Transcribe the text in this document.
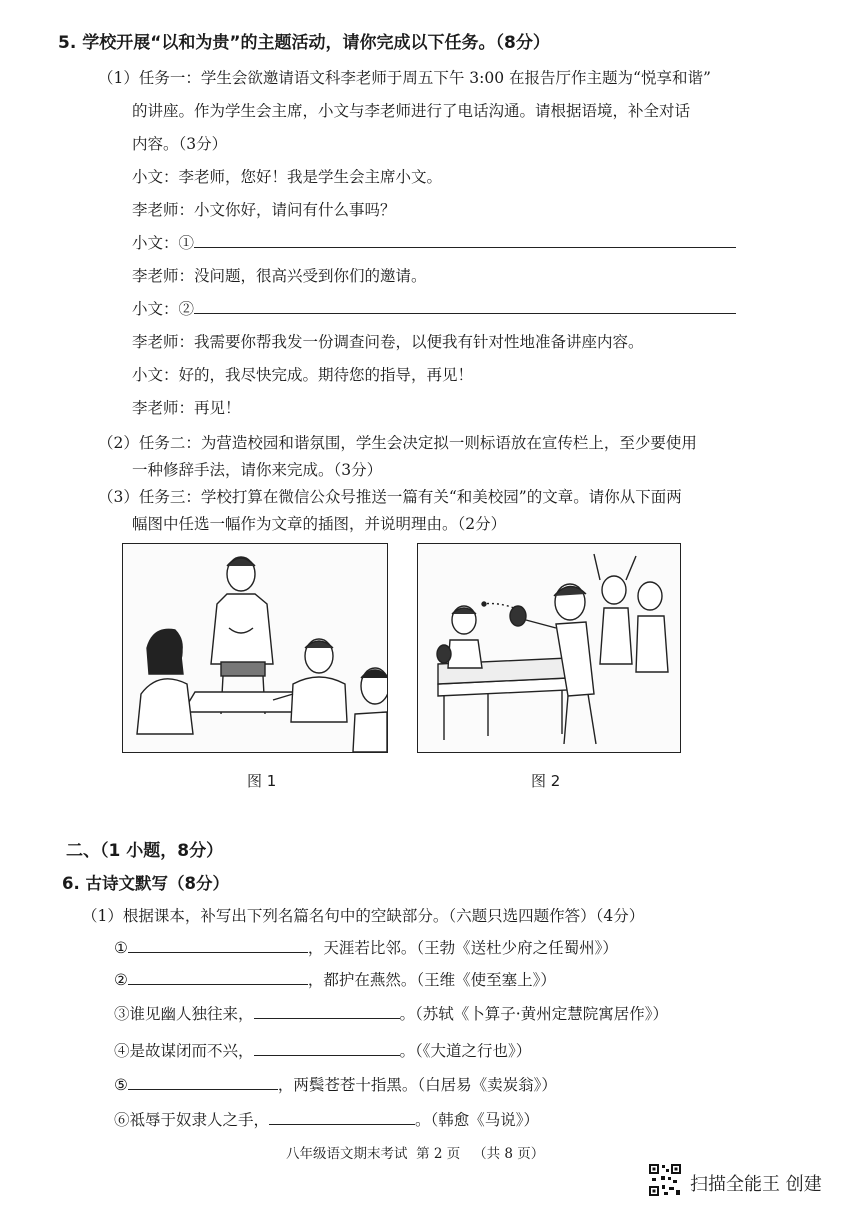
5. 学校开展“以和为贵”的主题活动，请你完成以下任务。（8分）
（1）任务一：学生会欲邀请语文科李老师于周五下午 3:00 在报告厅作主题为“悦享和谐”
的讲座。作为学生会主席，小文与李老师进行了电话沟通。请根据语境，补全对话
内容。（3分）
小文：李老师，您好！我是学生会主席小文。
李老师：小文你好，请问有什么事吗？
小文：①
李老师：没问题，很高兴受到你们的邀请。
小文：②
李老师：我需要你帮我发一份调查问卷，以便我有针对性地准备讲座内容。
小文：好的，我尽快完成。期待您的指导，再见！
李老师：再见！
（2）任务二：为营造校园和谐氛围，学生会决定拟一则标语放在宣传栏上，至少要使用
一种修辞手法，请你来完成。（3分）
（3）任务三：学校打算在微信公众号推送一篇有关“和美校园”的文章。请你从下面两
幅图中任选一幅作为文章的插图，并说明理由。（2分）
图 1	图 2
二、（1 小题，8分）
6. 古诗文默写（8分）
（1）根据课本，补写出下列名篇名句中的空缺部分。（六题只选四题作答）（4分）
①	，天涯若比邻。（王勃《送杜少府之任蜀州》）
②	，都护在燕然。（王维《使至塞上》）
③谁见幽人独往来，	。（苏轼《卜算子·黄州定慧院寓居作》）
④是故谋闭而不兴，	。（《大道之行也》）
⑤	，两鬓苍苍十指黑。（白居易《卖炭翁》）
⑥祗辱于奴隶人之手，	。（韩愈《马说》）
八年级语文期末考试 第 2 页 （共 8 页）
扫描全能王 创建
